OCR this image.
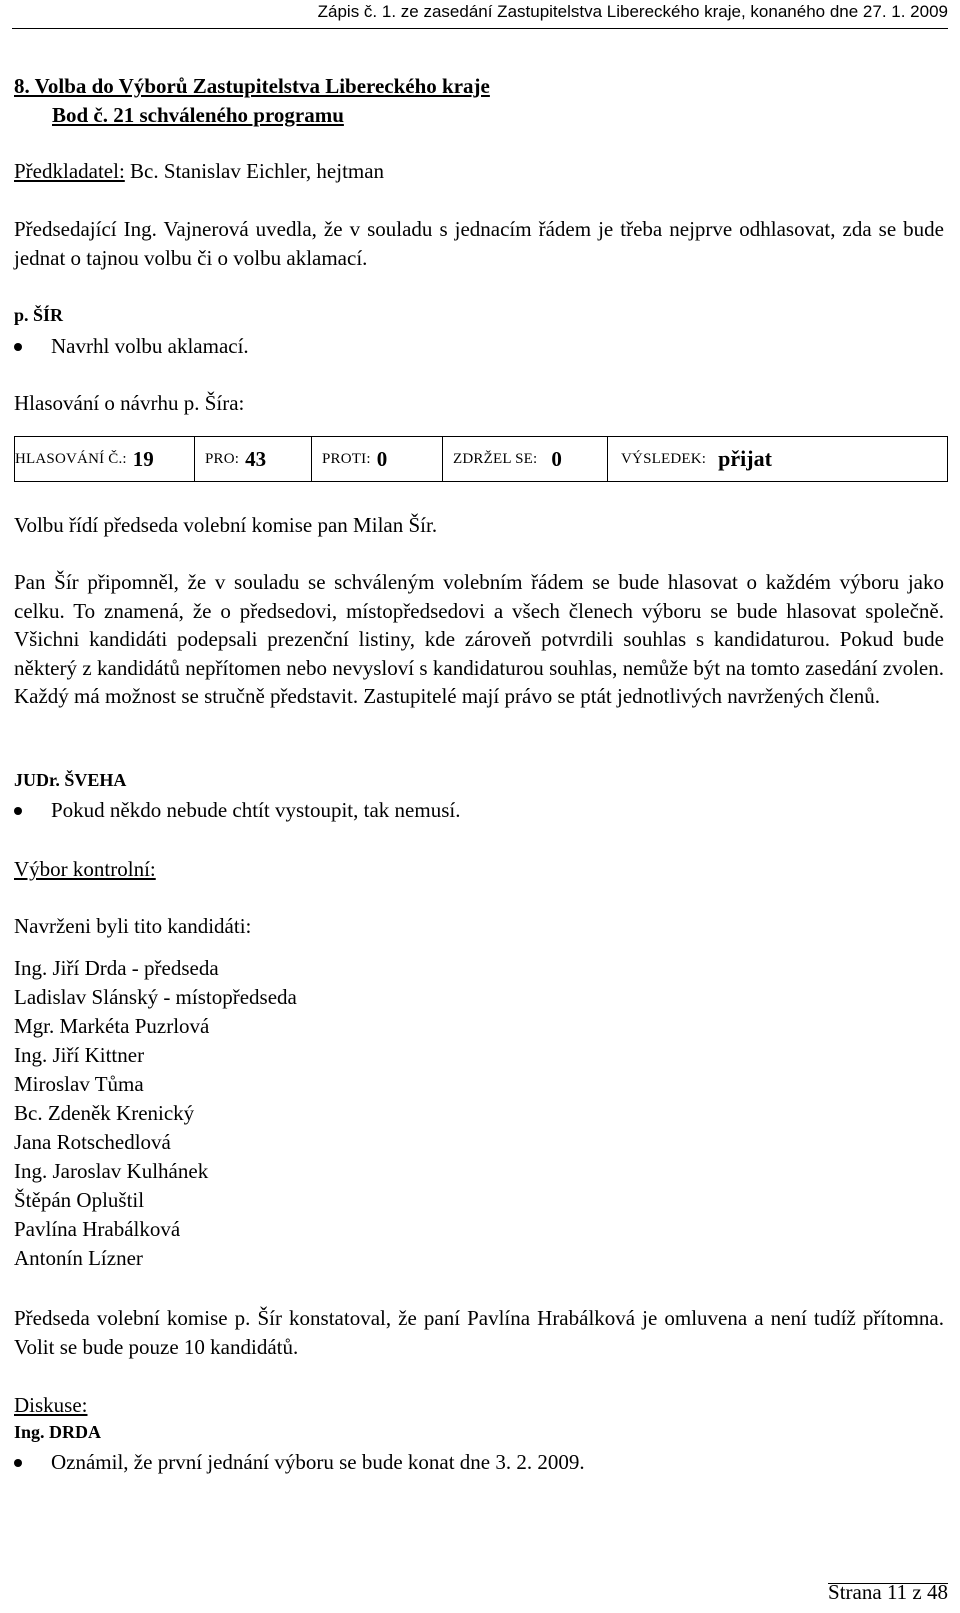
Zápis č. 1. ze zasedání Zastupitelstva Libereckého kraje, konaného dne 27. 1. 2009
8. Volba do Výborů Zastupitelstva Libereckého kraje
Bod č. 21 schváleného programu
Předkladatel: Bc. Stanislav Eichler, hejtman
Předsedající Ing. Vajnerová uvedla, že v souladu s jednacím řádem je třeba nejprve odhlasovat, zda se bude jednat o tajnou volbu či o volbu aklamací.
p. ŠÍR
Navrhl volbu aklamací.
Hlasování o návrhu p. Šíra:
HLASOVÁNÍ Č.: 19	PRO: 43	PROTI: 0	ZDRŽEL SE: 0	VÝSLEDEK: přijat
Volbu řídí předseda volební komise pan Milan Šír.
Pan Šír připomněl, že v souladu se schváleným volebním řádem se bude hlasovat o každém výboru jako celku. To znamená, že o předsedovi, místopředsedovi a všech členech výboru se bude hlasovat společně. Všichni kandidáti podepsali prezenční listiny, kde zároveň potvrdili souhlas s kandidaturou. Pokud bude některý z kandidátů nepřítomen nebo nevysloví s kandidaturou souhlas, nemůže být na tomto zasedání zvolen. Každý má možnost se stručně představit. Zastupitelé mají právo se ptát jednotlivých navržených členů.
JUDr. ŠVEHA
Pokud někdo nebude chtít vystoupit, tak nemusí.
Výbor kontrolní:
Navrženi byli tito kandidáti:
Ing. Jiří Drda - předseda
Ladislav Slánský - místopředseda
Mgr. Markéta Puzrlová
Ing. Jiří Kittner
Miroslav Tůma
Bc. Zdeněk Krenický
Jana Rotschedlová
Ing. Jaroslav Kulhánek
Štěpán Opluštil
Pavlína Hrabálková
Antonín Lízner
Předseda volební komise p. Šír konstatoval, že paní Pavlína Hrabálková je omluvena a není tudíž přítomna. Volit se bude pouze 10 kandidátů.
Diskuse:
Ing. DRDA
Oznámil, že první jednání výboru se bude konat dne 3. 2. 2009.
Strana 11 z 48
